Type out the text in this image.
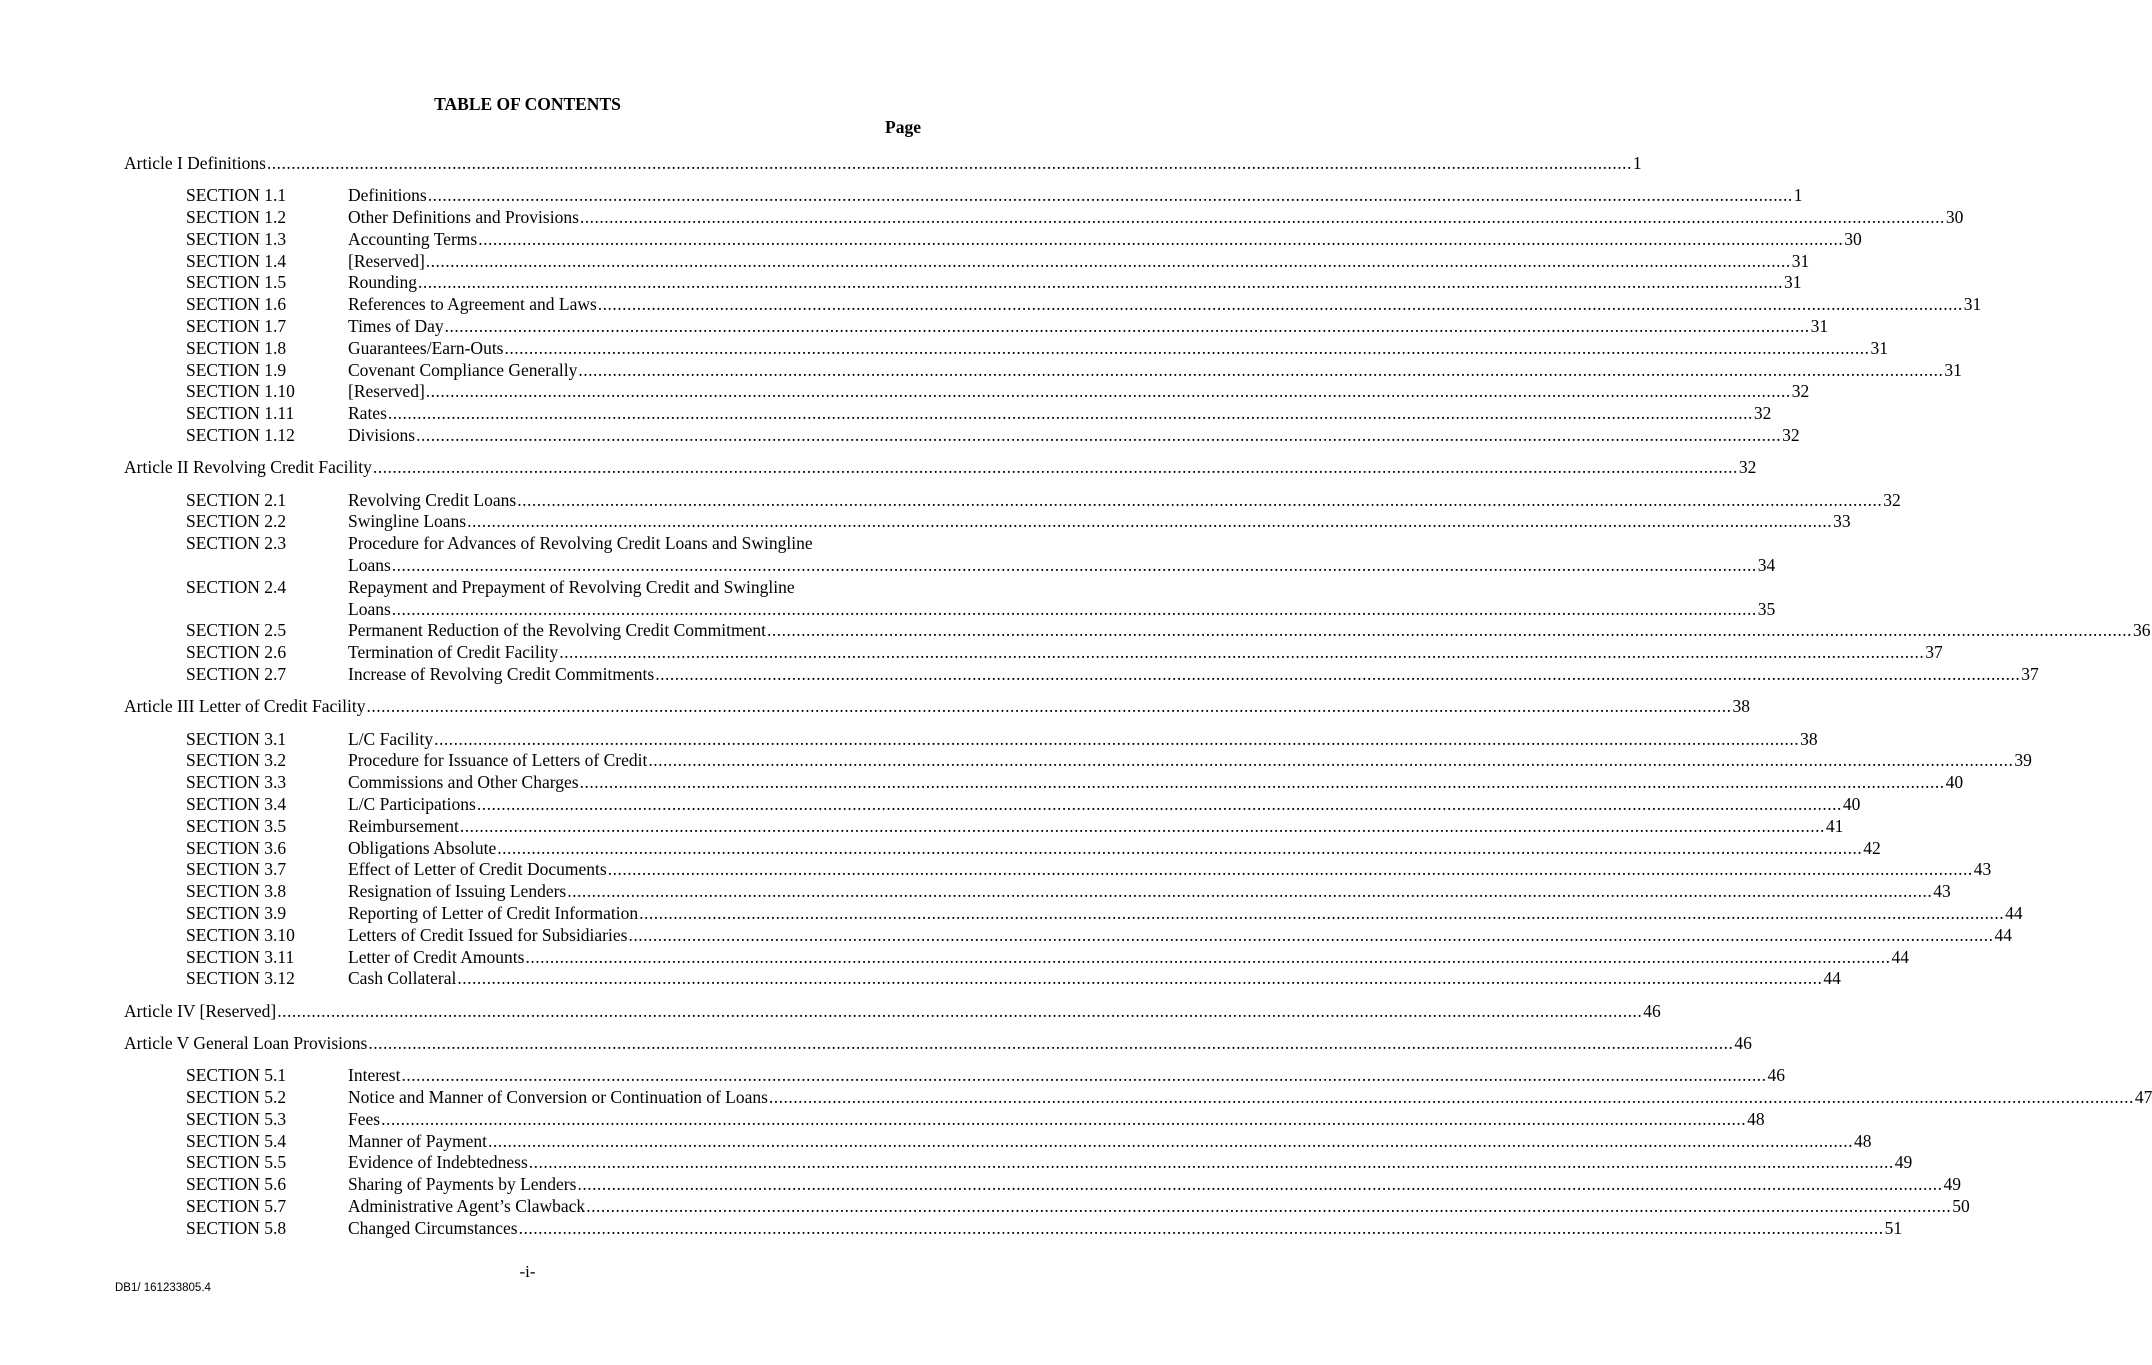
TABLE OF CONTENTS
Page
Article I Definitions .....	1
SECTION 1.1	Definitions .....	1
SECTION 1.2	Other Definitions and Provisions .....	30
SECTION 1.3	Accounting Terms .....	30
SECTION 1.4	[Reserved] .....	31
SECTION 1.5	Rounding .....	31
SECTION 1.6	References to Agreement and Laws .....	31
SECTION 1.7	Times of Day .....	31
SECTION 1.8	Guarantees/Earn-Outs .....	31
SECTION 1.9	Covenant Compliance Generally .....	31
SECTION 1.10	[Reserved] .....	32
SECTION 1.11	Rates .....	32
SECTION 1.12	Divisions .....	32
Article II Revolving Credit Facility .....	32
SECTION 2.1	Revolving Credit Loans .....	32
SECTION 2.2	Swingline Loans .....	33
SECTION 2.3	Procedure for Advances of Revolving Credit Loans and Swingline
Loans .....	34
SECTION 2.4	Repayment and Prepayment of Revolving Credit and Swingline
Loans .....	35
SECTION 2.5	Permanent Reduction of the Revolving Credit Commitment .....	36
SECTION 2.6	Termination of Credit Facility .....	37
SECTION 2.7	Increase of Revolving Credit Commitments .....	37
Article III Letter of Credit Facility .....	38
SECTION 3.1	L/C Facility .....	38
SECTION 3.2	Procedure for Issuance of Letters of Credit .....	39
SECTION 3.3	Commissions and Other Charges .....	40
SECTION 3.4	L/C Participations .....	40
SECTION 3.5	Reimbursement .....	41
SECTION 3.6	Obligations Absolute .....	42
SECTION 3.7	Effect of Letter of Credit Documents .....	43
SECTION 3.8	Resignation of Issuing Lenders .....	43
SECTION 3.9	Reporting of Letter of Credit Information .....	44
SECTION 3.10	Letters of Credit Issued for Subsidiaries .....	44
SECTION 3.11	Letter of Credit Amounts .....	44
SECTION 3.12	Cash Collateral .....	44
Article IV [Reserved] .....	46
Article V General Loan Provisions .....	46
SECTION 5.1	Interest .....	46
SECTION 5.2	Notice and Manner of Conversion or Continuation of Loans .....	47
SECTION 5.3	Fees .....	48
SECTION 5.4	Manner of Payment .....	48
SECTION 5.5	Evidence of Indebtedness .....	49
SECTION 5.6	Sharing of Payments by Lenders .....	49
SECTION 5.7	Administrative Agent’s Clawback .....	50
SECTION 5.8	Changed Circumstances .....	51
-i-
DB1/ 161233805.4
